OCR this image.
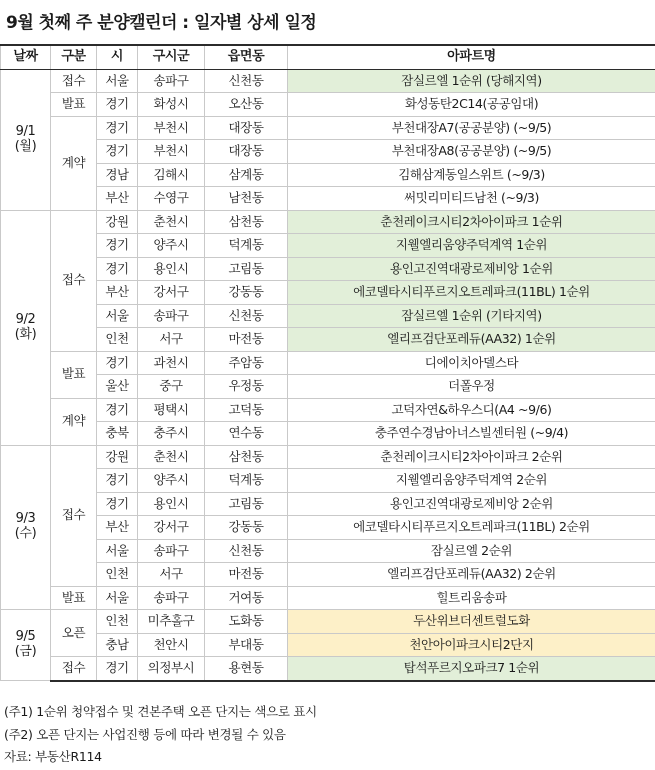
9월 첫째 주 분양캘린더 : 일자별 상세 일정
날짜	구분	시	구시군	읍면동	아파트명

9/1
(월)	접수	서울	송파구	신천동	잠실르엘 1순위 (당해지역)
	발표	경기	화성시	오산동	화성동탄2C14(공공임대)
	계약	경기	부천시	대장동	부천대장A7(공공분양) (~9/5)
		경기	부천시	대장동	부천대장A8(공공분양) (~9/5)
		경남	김해시	삼계동	김해삼계동일스위트 (~9/3)
		부산	수영구	남천동	써밋리미티드남천 (~9/3)

9/2
(화)	접수	강원	춘천시	삼천동	춘천레이크시티2차아이파크 1순위
		경기	양주시	덕계동	지웰엘리움양주덕계역 1순위
		경기	용인시	고림동	용인고진역대광로제비앙 1순위
		부산	강서구	강동동	에코델타시티푸르지오트레파크(11BL) 1순위
		서울	송파구	신천동	잠실르엘 1순위 (기타지역)
		인천	서구	마전동	엘리프검단포레듀(AA32) 1순위
	발표	경기	과천시	주암동	디에이치아델스타
		울산	중구	우정동	더폴우정
	계약	경기	평택시	고덕동	고덕자연&하우스디(A4 ~9/6)
		충북	충주시	연수동	충주연수경남아너스빌센터원 (~9/4)

9/3
(수)	접수	강원	춘천시	삼천동	춘천레이크시티2차아이파크 2순위
		경기	양주시	덕계동	지웰엘리움양주덕계역 2순위
		경기	용인시	고림동	용인고진역대광로제비앙 2순위
		부산	강서구	강동동	에코델타시티푸르지오트레파크(11BL) 2순위
		서울	송파구	신천동	잠실르엘 2순위
		인천	서구	마전동	엘리프검단포레듀(AA32) 2순위
	발표	서울	송파구	거여동	힐트리움송파

9/5
(금)	오픈	인천	미추홀구	도화동	두산위브더센트럴도화
		충남	천안시	부대동	천안아이파크시티2단지
	접수	경기	의정부시	용현동	탑석푸르지오파크7 1순위
(주1) 1순위 청약접수 및 견본주택 오픈 단지는 색으로 표시
(주2) 오픈 단지는 사업진행 등에 따라 변경될 수 있음
자료: 부동산R114
